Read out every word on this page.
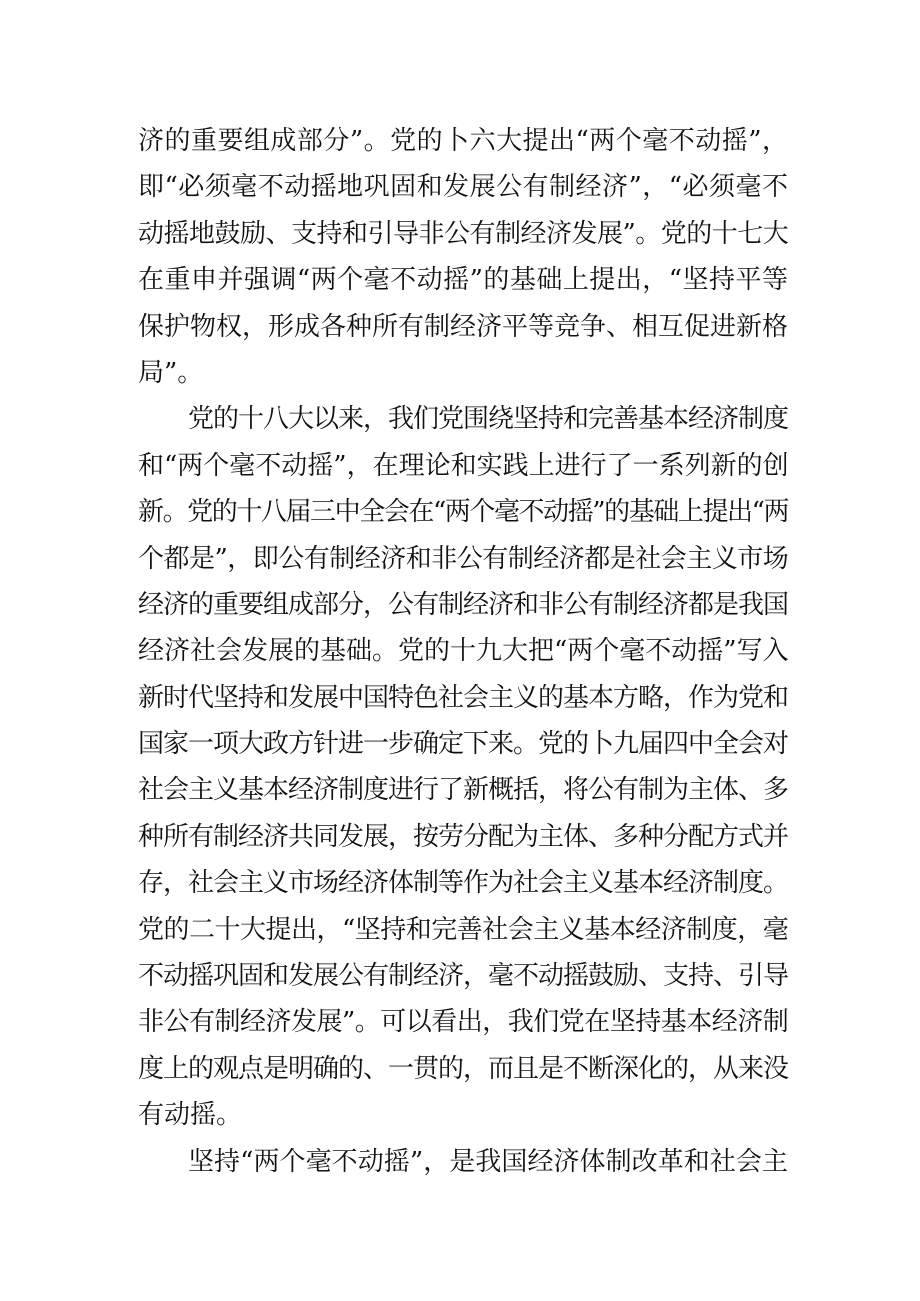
济的重要组成部分”。党的卜六大提出“两个毫不动摇”，
即“必须毫不动摇地巩固和发展公有制经济”，“必须毫不
动摇地鼓励、支持和引导非公有制经济发展”。党的十七大
在重申并强调“两个毫不动摇”的基础上提出，“坚持平等
保护物权，形成各种所有制经济平等竞争、相互促进新格
局”。
党的十八大以来，我们党围绕坚持和完善基本经济制度
和“两个毫不动摇”，在理论和实践上进行了一系列新的创
新。党的十八届三中全会在“两个毫不动摇”的基础上提出“两
个都是”，即公有制经济和非公有制经济都是社会主义市场
经济的重要组成部分，公有制经济和非公有制经济都是我国
经济社会发展的基础。党的十九大把“两个毫不动摇”写入
新时代坚持和发展中国特色社会主义的基本方略，作为党和
国家一项大政方针进一步确定下来。党的卜九届四中全会对
社会主义基本经济制度进行了新概括，将公有制为主体、多
种所有制经济共同发展，按劳分配为主体、多种分配方式并
存，社会主义市场经济体制等作为社会主义基本经济制度。
党的二十大提出，“坚持和完善社会主义基本经济制度，毫
不动摇巩固和发展公有制经济，毫不动摇鼓励、支持、引导
非公有制经济发展”。可以看出，我们党在坚持基本经济制
度上的观点是明确的、一贯的，而且是不断深化的，从来没
有动摇。
坚持“两个毫不动摇”，是我国经济体制改革和社会主
